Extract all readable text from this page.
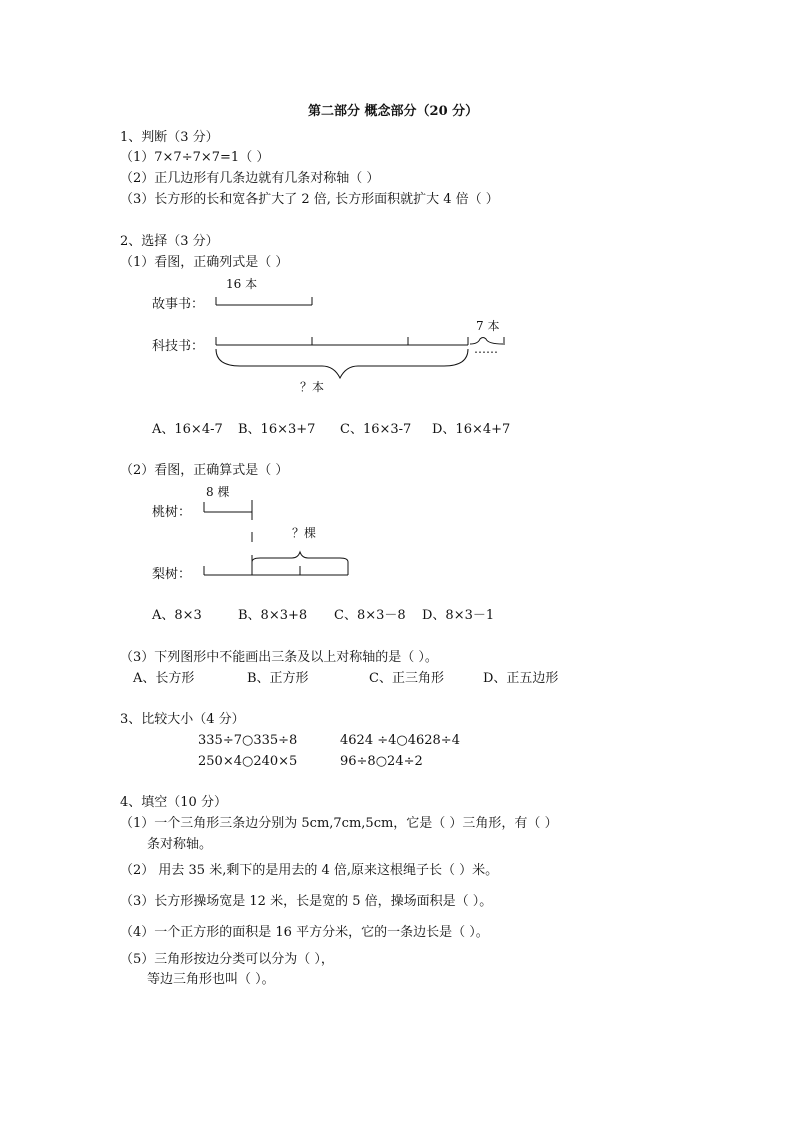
第二部分 概念部分（20 分）
1、判断（3 分）
（1）7×7÷7×7=1（ ）
（2）正几边形有几条边就有几条对称轴（ ）
（3）长方形的长和宽各扩大了 2 倍, 长方形面积就扩大 4 倍（ ）
2、选择（3 分）
（1）看图，正确列式是（ ）
故事书：
科技书：
16 本
7 本
……
？本
A、16×4-7 B、16×3+7 C、16×3-7 D、16×4+7
（2）看图，正确算式是（ ）
桃树：
梨树：
8 棵
？棵
A、8×3	B、8×3+8 C、8×3－8 D、8×3－1
（3）下列图形中不能画出三条及以上对称轴的是（ ）。
A、长方形	B、正方形	C、正三角形	D、正五边形
3、比较大小（4 分）
335÷7○335÷8	4624 ÷4○4628÷4
250×4○240×5	96÷8○24÷2
4、填空（10 分）
（1）一个三角形三条边分别为 5cm,7cm,5cm，它是（ ）三角形，有（ ）
条对称轴。
（2） 用去 35 米,剩下的是用去的 4 倍,原来这根绳子长（ ）米。
（3）长方形操场宽是 12 米，长是宽的 5 倍，操场面积是（ ）。
（4）一个正方形的面积是 16 平方分米，它的一条边长是（ ）。
（5）三角形按边分类可以分为（ ），
等边三角形也叫（ ）。
